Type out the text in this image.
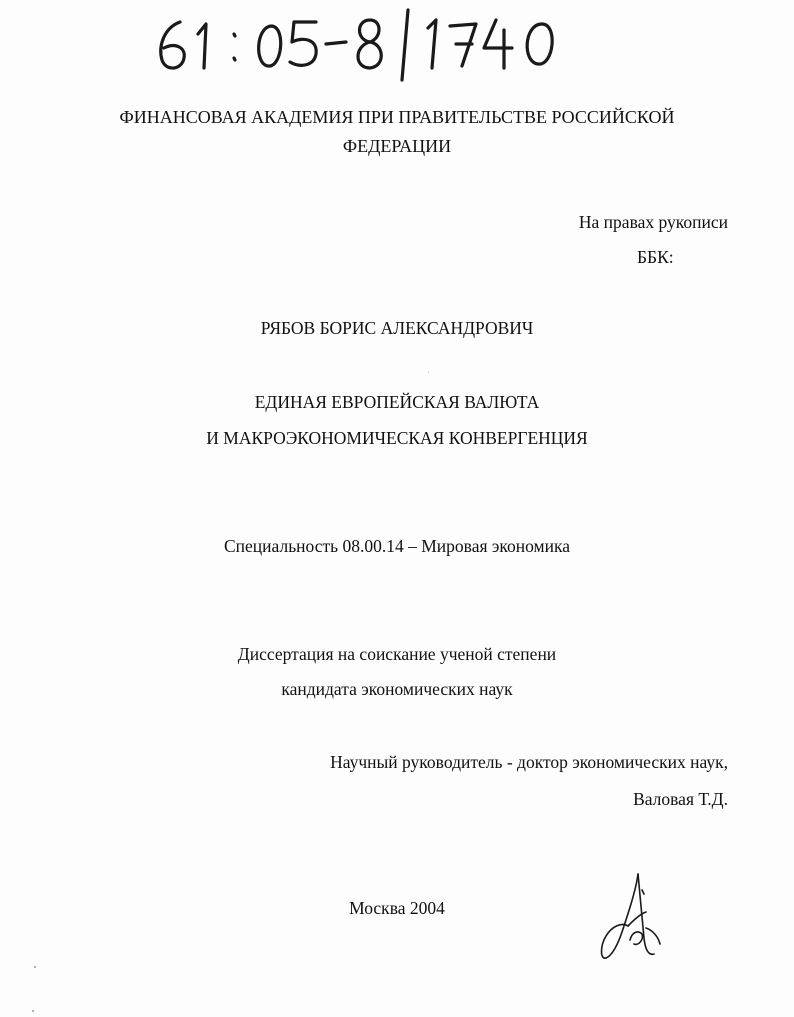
ФИНАНСОВАЯ АКАДЕМИЯ ПРИ ПРАВИТЕЛЬСТВЕ РОССИЙСКОЙ
ФЕДЕРАЦИИ
На правах рукописи
ББК:
РЯБОВ БОРИС АЛЕКСАНДРОВИЧ
ЕДИНАЯ ЕВРОПЕЙСКАЯ ВАЛЮТА
И МАКРОЭКОНОМИЧЕСКАЯ КОНВЕРГЕНЦИЯ
Специальность 08.00.14 – Мировая экономика
Диссертация на соискание ученой степени
кандидата экономических наук
Научный руководитель - доктор экономических наук,
Валовая Т.Д.
Москва 2004
